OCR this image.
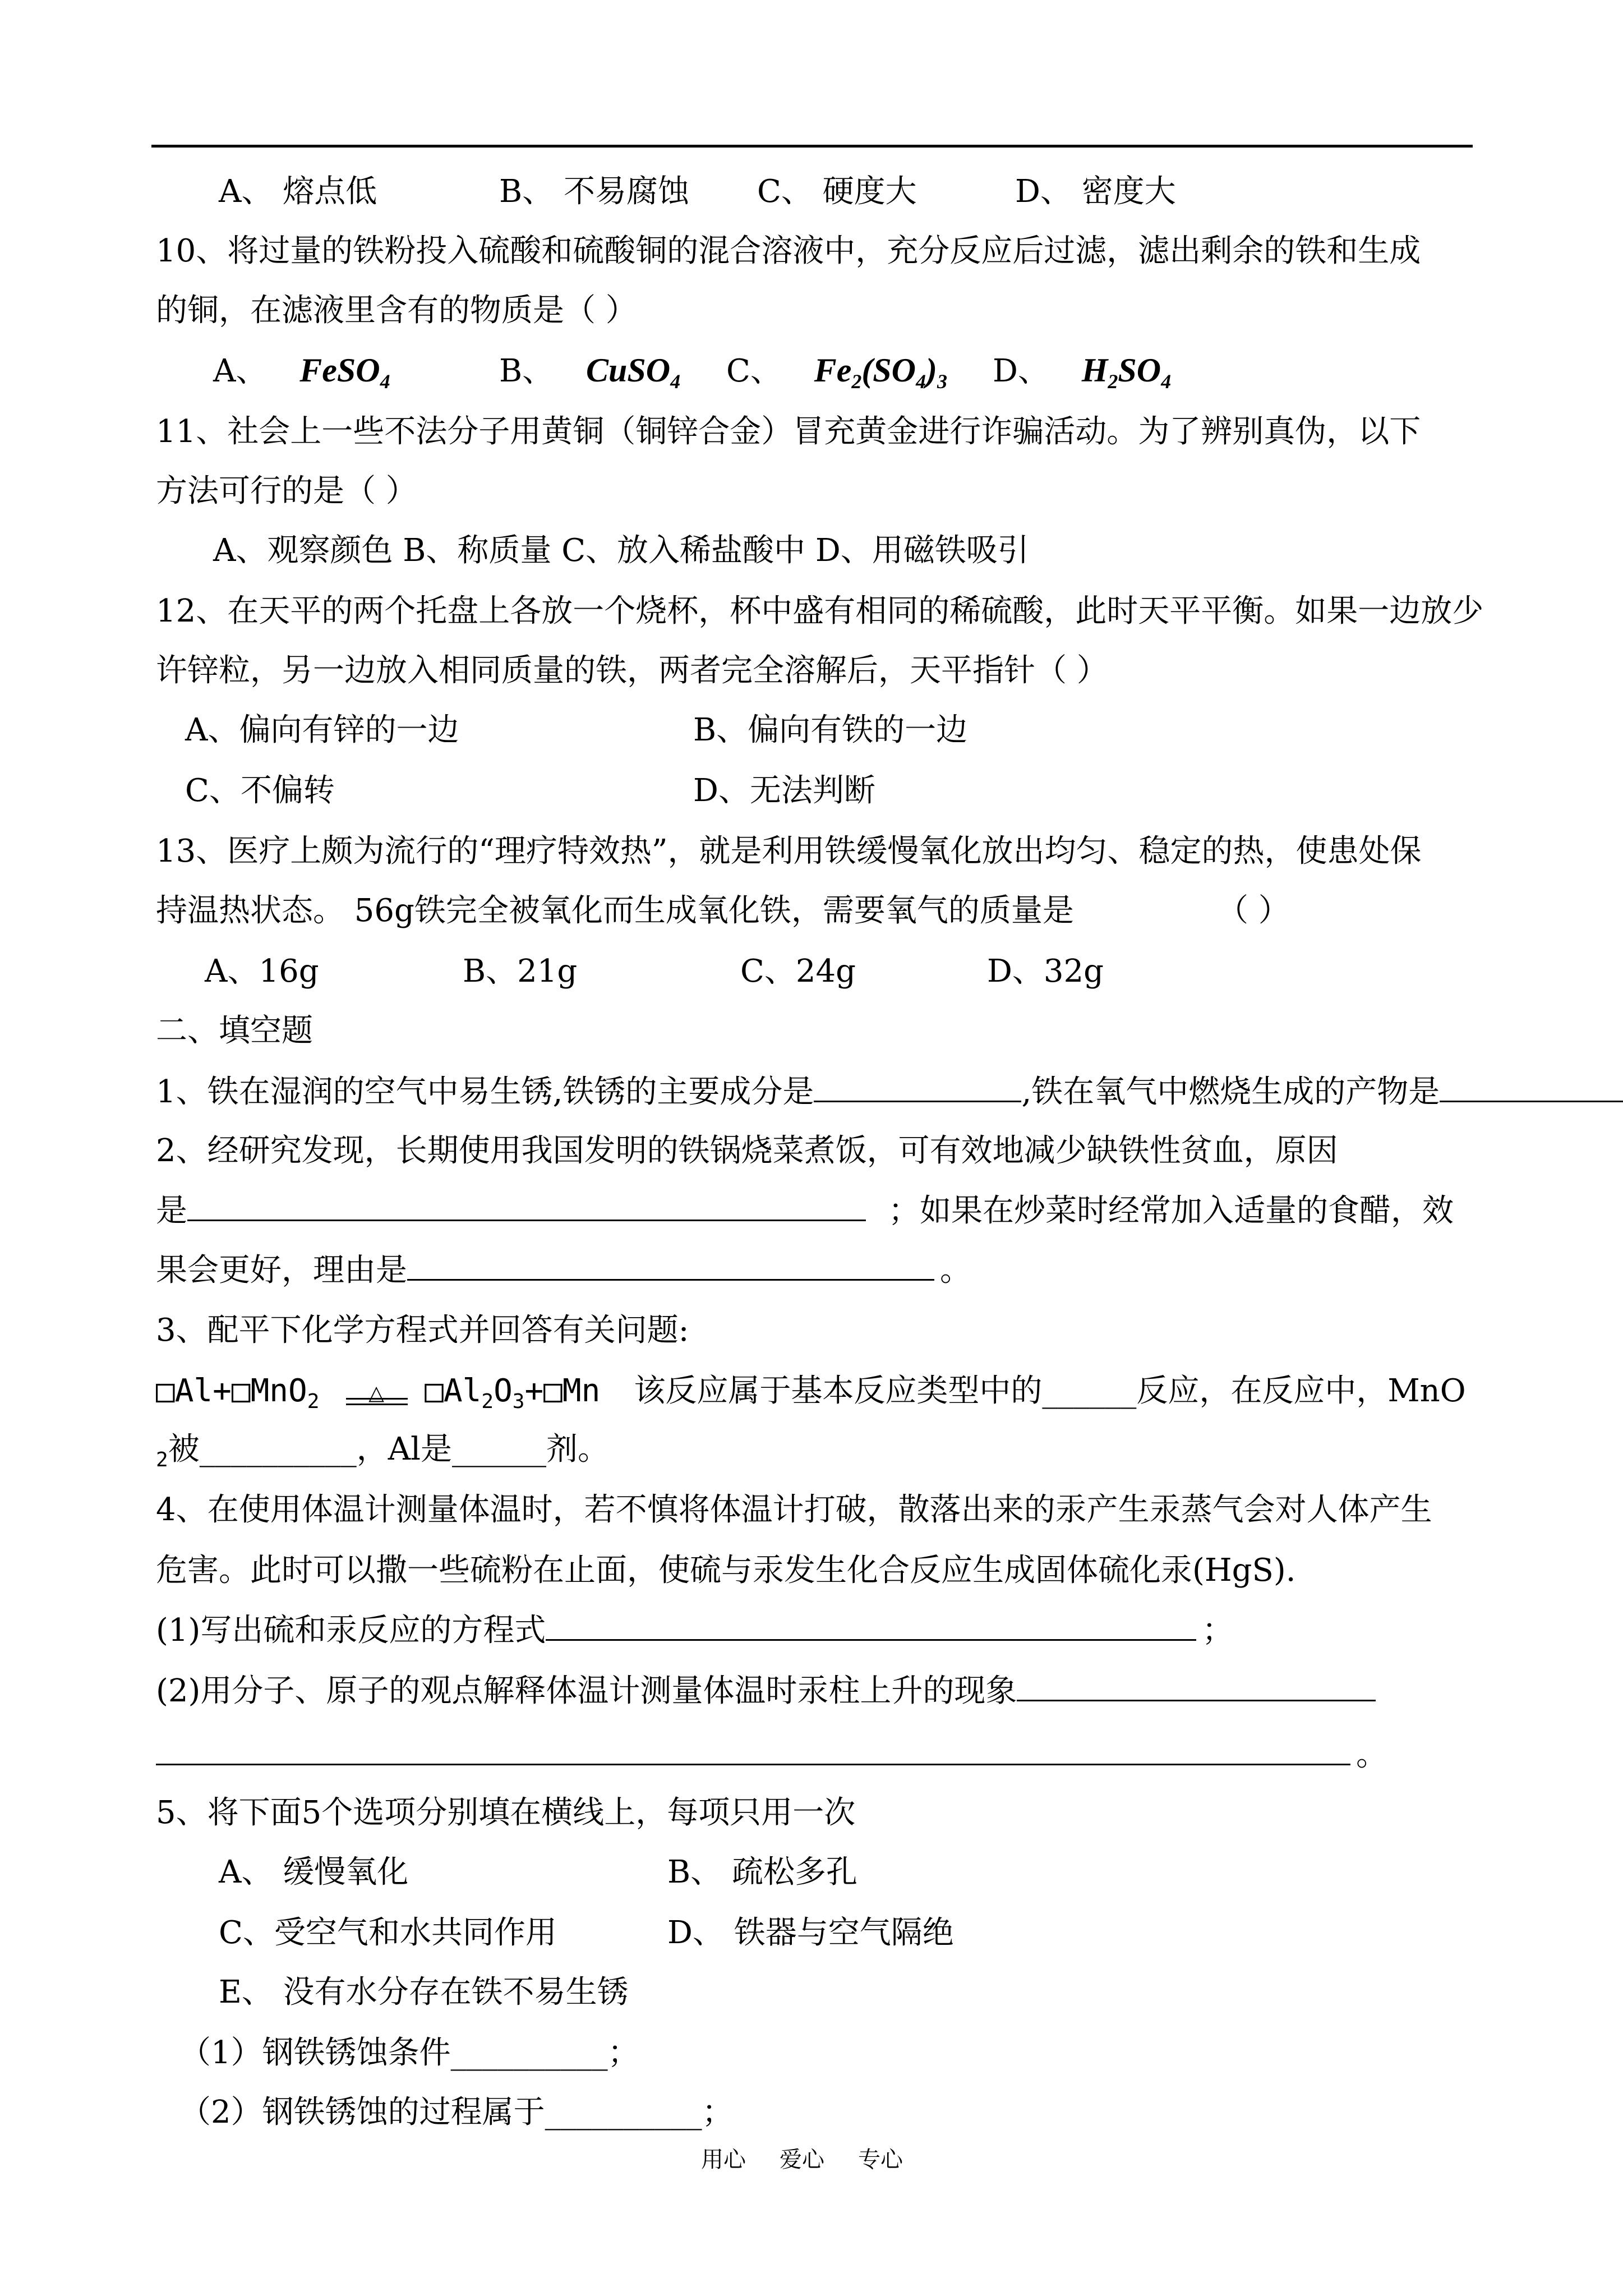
A、 熔点低	B、 不易腐蚀 C、 硬度大	D、 密度大
10、将过量的铁粉投入硫酸和硫酸铜的混合溶液中，充分反应后过滤，滤出剩余的铁和生成
的铜，在滤液里含有的物质是（ ）
A、 FeSO$_4$	B、 CuSO$_4$ C、 $Fe_2(SO_4)_3$ D、 $H_2SO_4$
11、社会上一些不法分子用黄铜（铜锌合金）冒充黄金进行诈骗活动。为了辨别真伪，以下
方法可行的是（ ）
A、观察颜色 B、称质量 C、放入稀盐酸中 D、用磁铁吸引
12、在天平的两个托盘上各放一个烧杯，杯中盛有相同的稀硫酸，此时天平平衡。如果一边放少
许锌粒，另一边放入相同质量的铁，两者完全溶解后，天平指针（ ）
A、偏向有锌的一边	B、偏向有铁的一边
C、不偏转	D、无法判断
13、医疗上颇为流行的“理疗特效热”，就是利用铁缓慢氧化放出均匀、稳定的热，使患处保
持温热状态。 56g铁完全被氧化而生成氧化铁，需要氧气的质量是	（ ）
A、16g	B、21g	C、24g	D、32g
二、填空题
1、铁在湿润的空气中易生锈,铁锈的主要成分是	,铁在氧气中燃烧生成的产物是
2、经研究发现，长期使用我国发明的铁锅烧菜煮饭，可有效地减少缺铁性贫血，原因
是	；如果在炒菜时经常加入适量的食醋，效
果会更好，理由是	。
3、配平下化学方程式并回答有关问题:
□Al+□MnO$_2$ △ $□Al_2O_3+□Mn$ 该反应属于基本反应类型中的______反应，在反应中，MnO
$_2$被__________，Al是______剂。
4、在使用体温计测量体温时，若不慎将体温计打破，散落出来的汞产生汞蒸气会对人体产生
危害。此时可以撒一些硫粉在止面，使硫与汞发生化合反应生成固体硫化汞(HgS).
(1)写出硫和汞反应的方程式	；
(2)用分子、原子的观点解释体温计测量体温时汞柱上升的现象
。
5、将下面5个选项分别填在横线上，每项只用一次
A、 缓慢氧化	B、 疏松多孔
C、受空气和水共同作用	D、 铁器与空气隔绝
E、 没有水分存在铁不易生锈
（1）钢铁锈蚀条件__________；
（2）钢铁锈蚀的过程属于__________；
用心 爱心 专心
